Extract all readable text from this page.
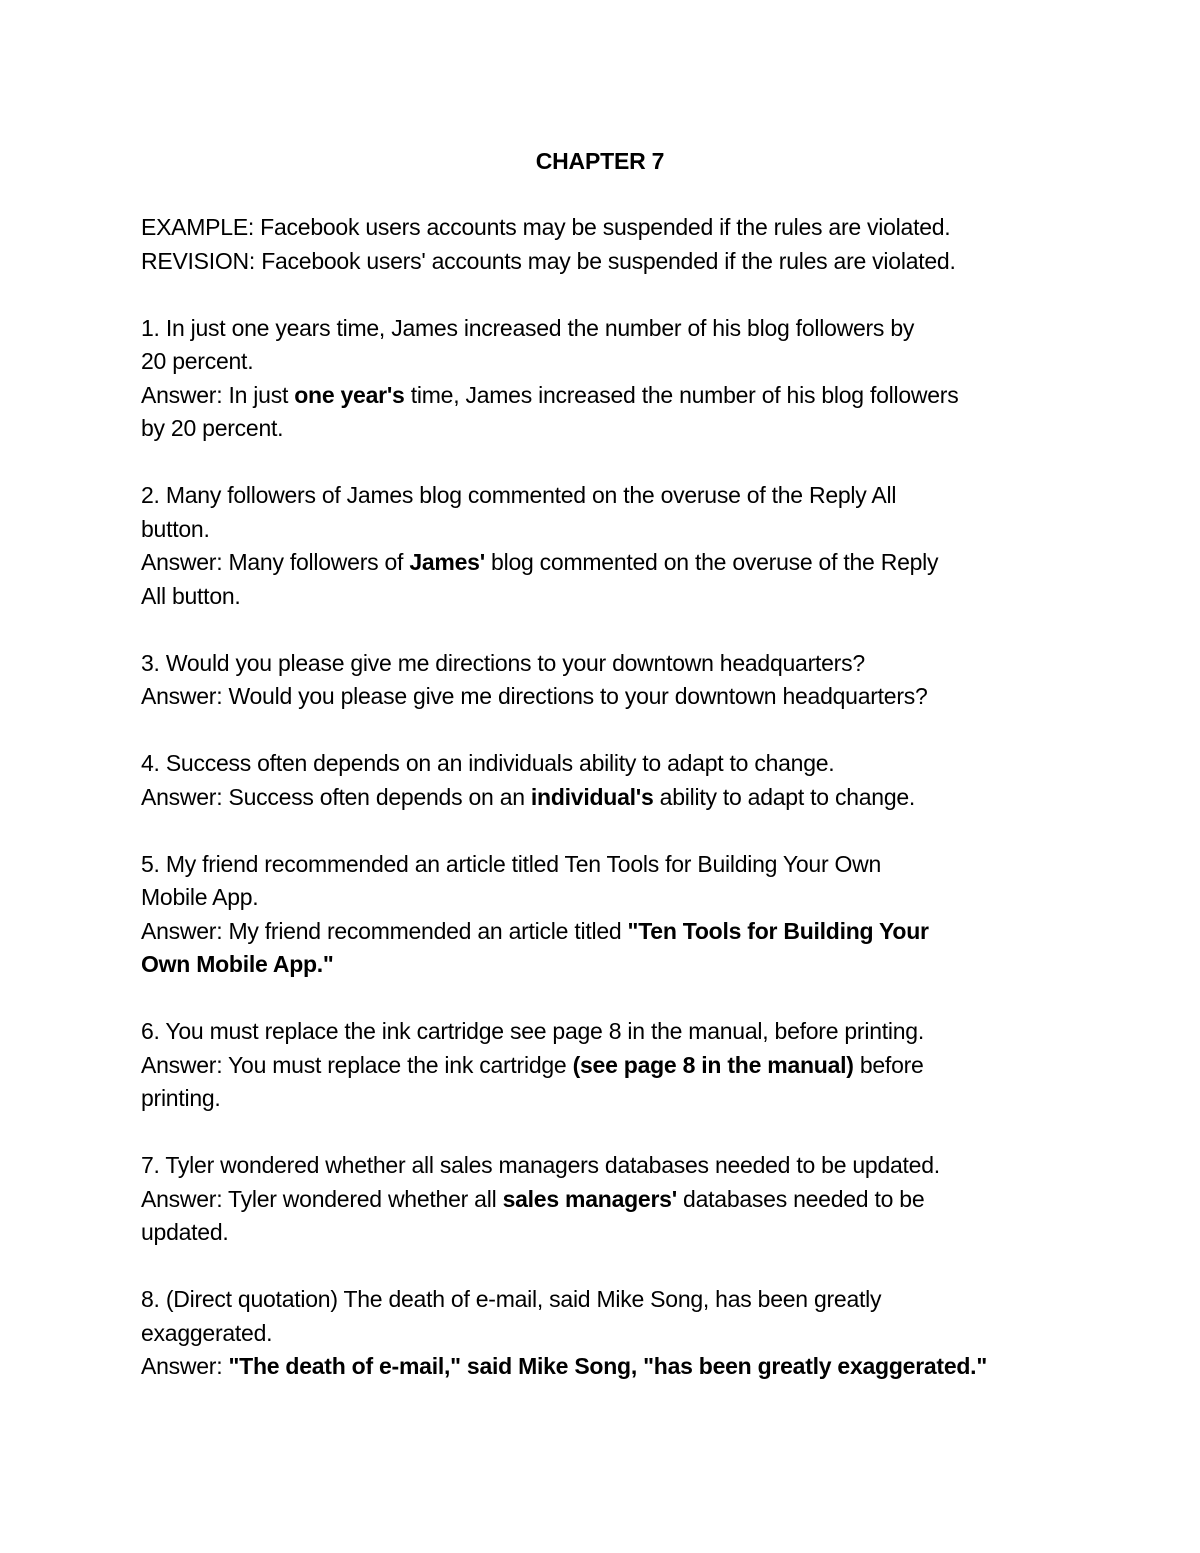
CHAPTER 7
EXAMPLE: Facebook users accounts may be suspended if the rules are violated.
REVISION: Facebook users' accounts may be suspended if the rules are violated.
1. In just one years time, James increased the number of his blog followers by
20 percent.
Answer: In just one year's time, James increased the number of his blog followers
by 20 percent.
2. Many followers of James blog commented on the overuse of the Reply All
button.
Answer: Many followers of James' blog commented on the overuse of the Reply
All button.
3. Would you please give me directions to your downtown headquarters?
Answer: Would you please give me directions to your downtown headquarters?
4. Success often depends on an individuals ability to adapt to change.
Answer: Success often depends on an individual's ability to adapt to change.
5. My friend recommended an article titled Ten Tools for Building Your Own
Mobile App.
Answer: My friend recommended an article titled "Ten Tools for Building Your
Own Mobile App."
6. You must replace the ink cartridge see page 8 in the manual, before printing.
Answer: You must replace the ink cartridge (see page 8 in the manual) before
printing.
7. Tyler wondered whether all sales managers databases needed to be updated.
Answer: Tyler wondered whether all sales managers' databases needed to be
updated.
8. (Direct quotation) The death of e-mail, said Mike Song, has been greatly
exaggerated.
Answer: "The death of e-mail," said Mike Song, "has been greatly exaggerated."
